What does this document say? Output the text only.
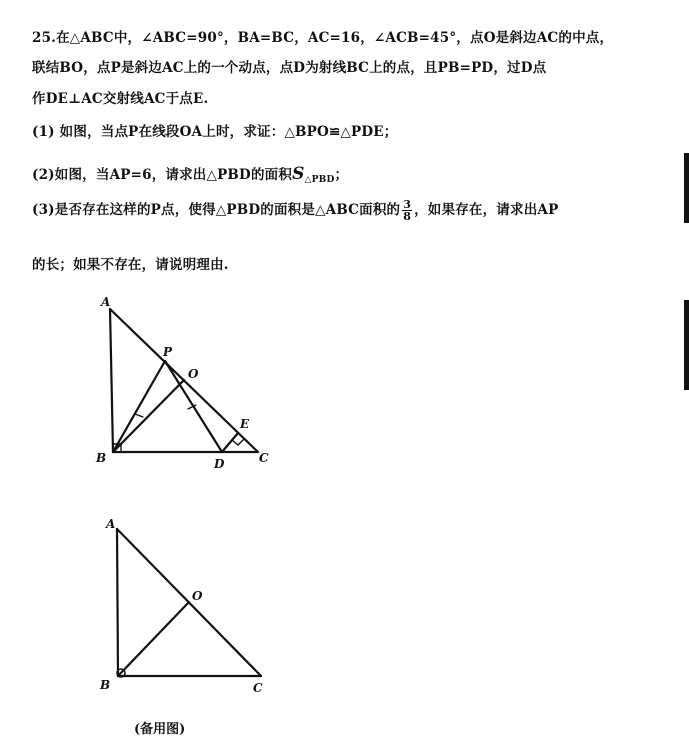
25.在△ABC中，∠ABC=90°，BA=BC，AC=16，∠ACB=45°，点O是斜边AC的中点，
联结BO，点P是斜边AC上的一个动点，点D为射线BC上的点，且PB=PD，过D点
作DE⊥AC交射线AC于点E.
(1) 如图，当点P在线段OA上时，求证：△BPO≌△PDE；
(2)如图，当AP=6，请求出△PBD的面积$S_{\triangle PBD}$；
(3)是否存在这样的P点，使得△PBD的面积是△ABC面积的 $\frac{3}{8}$ ，如果存在，请求出AP
的长；如果不存在，请说明理由.
A
B	C
P
O
E
D
A
B	C
O
(备用图)
